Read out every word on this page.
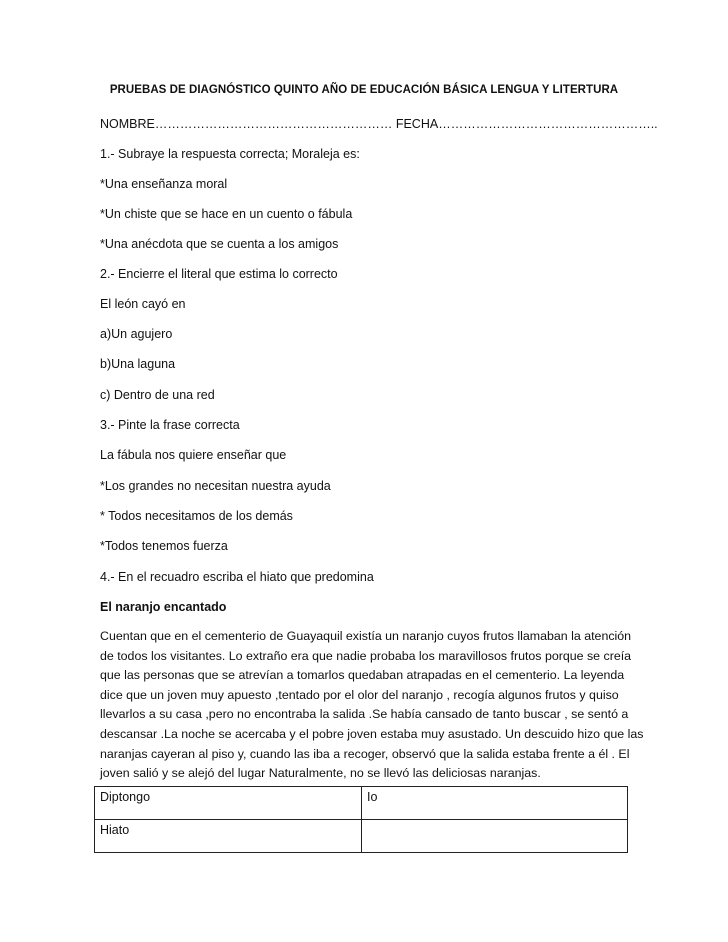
PRUEBAS DE DIAGNÓSTICO QUINTO AÑO DE EDUCACIÓN BÁSICA LENGUA Y LITERTURA
NOMBRE………………………………………………… FECHA……………………………………………..
1.- Subraye la respuesta correcta; Moraleja es:
*Una enseñanza moral
*Un chiste que se hace en un cuento o fábula
*Una anécdota que se cuenta a los amigos
2.- Encierre el literal que estima lo correcto
El león cayó en
a)Un agujero
b)Una laguna
c) Dentro de una red
3.- Pinte la frase correcta
La fábula nos quiere enseñar que
*Los grandes no necesitan nuestra ayuda
* Todos necesitamos de los demás
*Todos tenemos fuerza
4.- En el recuadro escriba el hiato que predomina
El naranjo encantado
Cuentan que en el cementerio de Guayaquil existía un naranjo cuyos frutos llamaban la atención
de todos los visitantes. Lo extraño era que nadie probaba los maravillosos frutos porque se creía
que las personas que se atrevían a tomarlos quedaban atrapadas en el cementerio. La leyenda
dice que un joven muy apuesto ,tentado por el olor del naranjo , recogía algunos frutos y quiso
llevarlos a su casa ,pero no encontraba la salida .Se había cansado de tanto buscar , se sentó a
descansar .La noche se acercaba y el pobre joven estaba muy asustado. Un descuido hizo que las
naranjas cayeran al piso y, cuando las iba a recoger, observó que la salida estaba frente a él . El
joven salió y se alejó del lugar Naturalmente, no se llevó las deliciosas naranjas.
Diptongo	Io
Hiato	
